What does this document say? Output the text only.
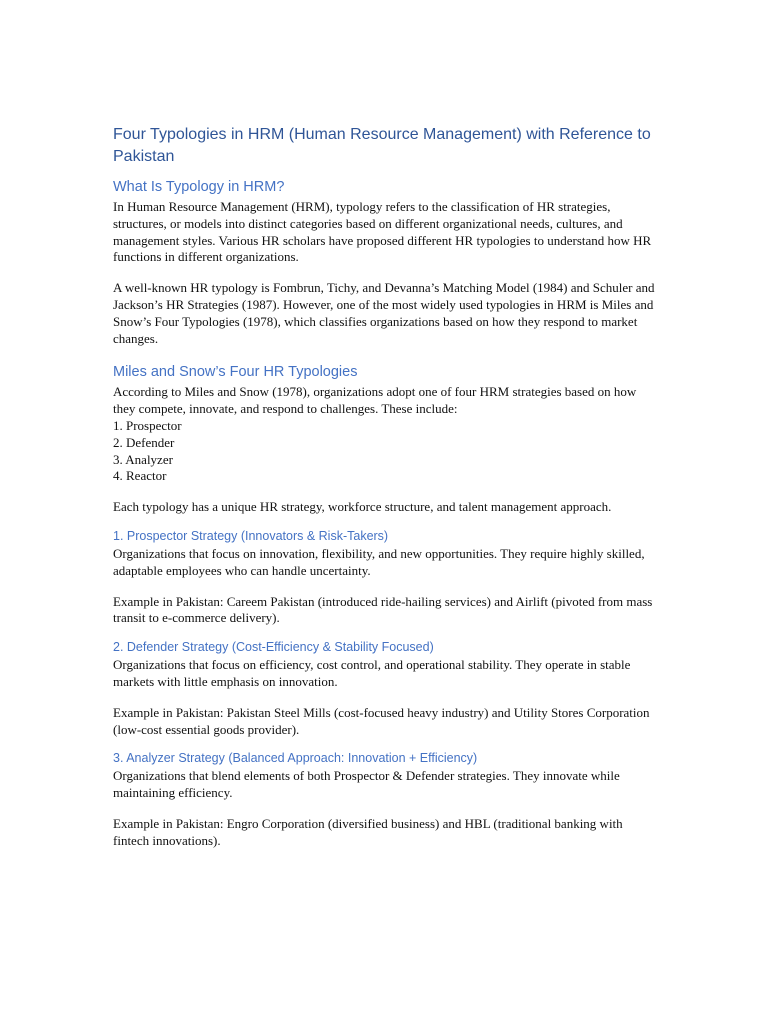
Four Typologies in HRM (Human Resource Management) with Reference to Pakistan
What Is Typology in HRM?

In Human Resource Management (HRM), typology refers to the classification of HR strategies, structures, or models into distinct categories based on different organizational needs, cultures, and management styles. Various HR scholars have proposed different HR typologies to understand how HR functions in different organizations.

A well-known HR typology is Fombrun, Tichy, and Devanna’s Matching Model (1984) and Schuler and Jackson’s HR Strategies (1987). However, one of the most widely used typologies in HRM is Miles and Snow’s Four Typologies (1978), which classifies organizations based on how they respond to market changes.

Miles and Snow’s Four HR Typologies

According to Miles and Snow (1978), organizations adopt one of four HRM strategies based on how they compete, innovate, and respond to challenges. These include:

1. Prospector
2. Defender
3. Analyzer
4. Reactor

Each typology has a unique HR strategy, workforce structure, and talent management approach.

1. Prospector Strategy (Innovators & Risk-Takers)

Organizations that focus on innovation, flexibility, and new opportunities. They require highly skilled, adaptable employees who can handle uncertainty.

Example in Pakistan: Careem Pakistan (introduced ride-hailing services) and Airlift (pivoted from mass transit to e-commerce delivery).

2. Defender Strategy (Cost-Efficiency & Stability Focused)

Organizations that focus on efficiency, cost control, and operational stability. They operate in stable markets with little emphasis on innovation.

Example in Pakistan: Pakistan Steel Mills (cost-focused heavy industry) and Utility Stores Corporation (low-cost essential goods provider).

3. Analyzer Strategy (Balanced Approach: Innovation + Efficiency)

Organizations that blend elements of both Prospector & Defender strategies. They innovate while maintaining efficiency.

Example in Pakistan: Engro Corporation (diversified business) and HBL (traditional banking with fintech innovations).
